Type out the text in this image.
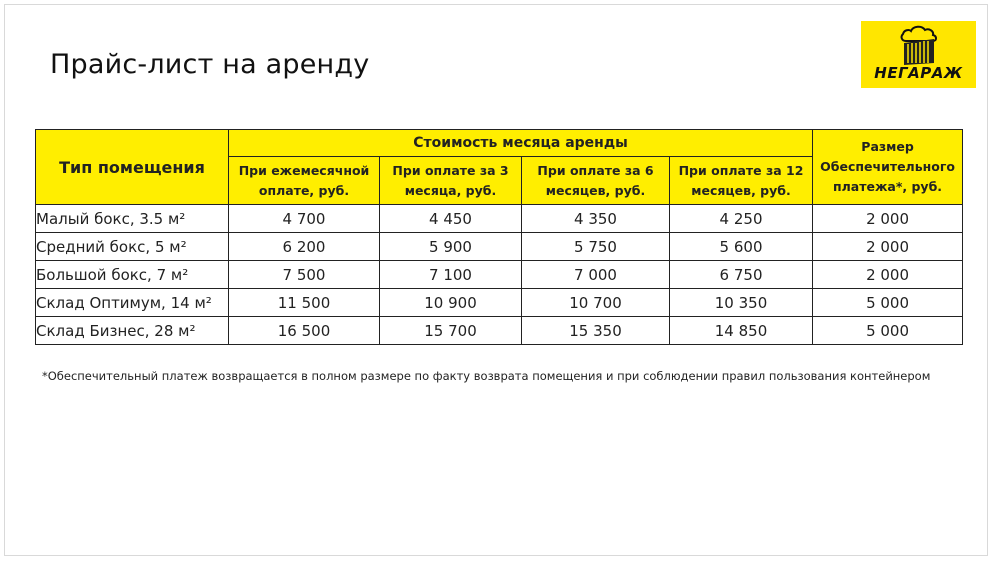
Прайс-лист на аренду	НЕГАРАЖ
Тип помещения	Стоимость месяца аренды				Размер Обеспечительного платежа*, руб.
	При ежемесячной оплате, руб.	При оплате за 3 месяца, руб.	При оплате за 6 месяцев, руб.	При оплате за 12 месяцев, руб.	
Малый бокс, 3.5 м²	4 700	4 450	4 350	4 250	2 000
Средний бокс, 5 м²	6 200	5 900	5 750	5 600	2 000
Большой бокс, 7 м²	7 500	7 100	7 000	6 750	2 000
Склад Оптимум, 14 м²	11 500	10 900	10 700	10 350	5 000
Склад Бизнес, 28 м²	16 500	15 700	15 350	14 850	5 000
*Обеспечительный платеж возвращается в полном размере по факту возврата помещения и при соблюдении правил пользования контейнером
